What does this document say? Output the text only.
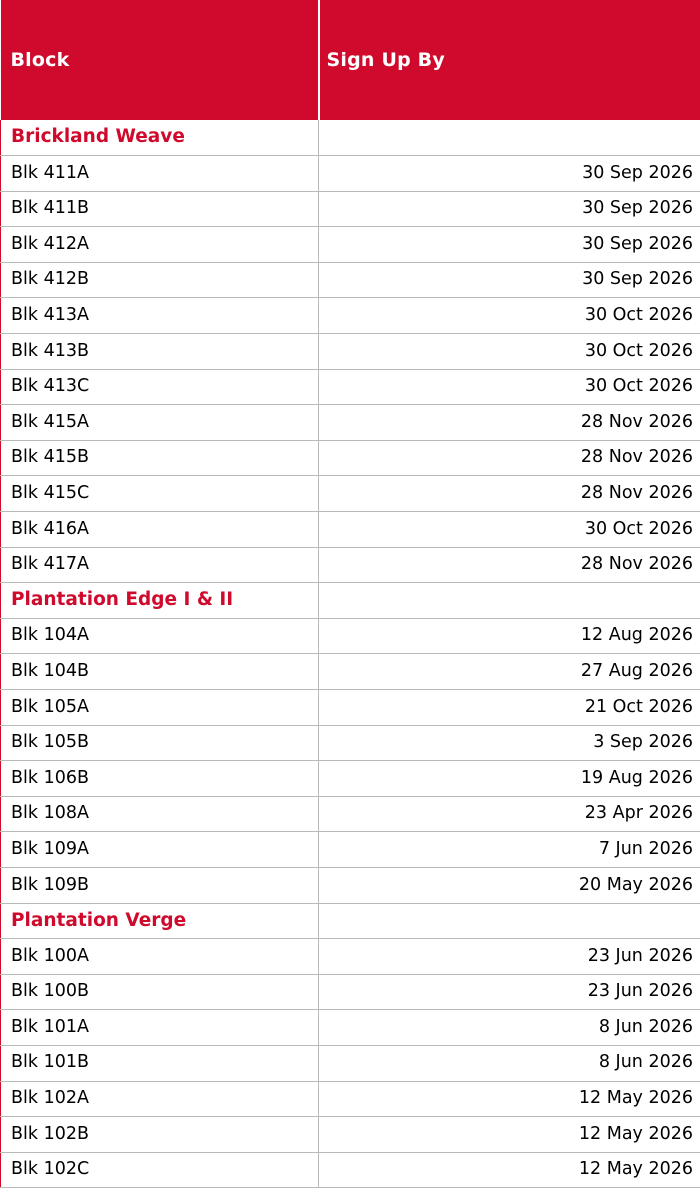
Block	Sign Up By
Brickland Weave	
Blk 411A	30 Sep 2026
Blk 411B	30 Sep 2026
Blk 412A	30 Sep 2026
Blk 412B	30 Sep 2026
Blk 413A	30 Oct 2026
Blk 413B	30 Oct 2026
Blk 413C	30 Oct 2026
Blk 415A	28 Nov 2026
Blk 415B	28 Nov 2026
Blk 415C	28 Nov 2026
Blk 416A	30 Oct 2026
Blk 417A	28 Nov 2026
Plantation Edge I & II	
Blk 104A	12 Aug 2026
Blk 104B	27 Aug 2026
Blk 105A	21 Oct 2026
Blk 105B	3 Sep 2026
Blk 106B	19 Aug 2026
Blk 108A	23 Apr 2026
Blk 109A	7 Jun 2026
Blk 109B	20 May 2026
Plantation Verge	
Blk 100A	23 Jun 2026
Blk 100B	23 Jun 2026
Blk 101A	8 Jun 2026
Blk 101B	8 Jun 2026
Blk 102A	12 May 2026
Blk 102B	12 May 2026
Blk 102C	12 May 2026
